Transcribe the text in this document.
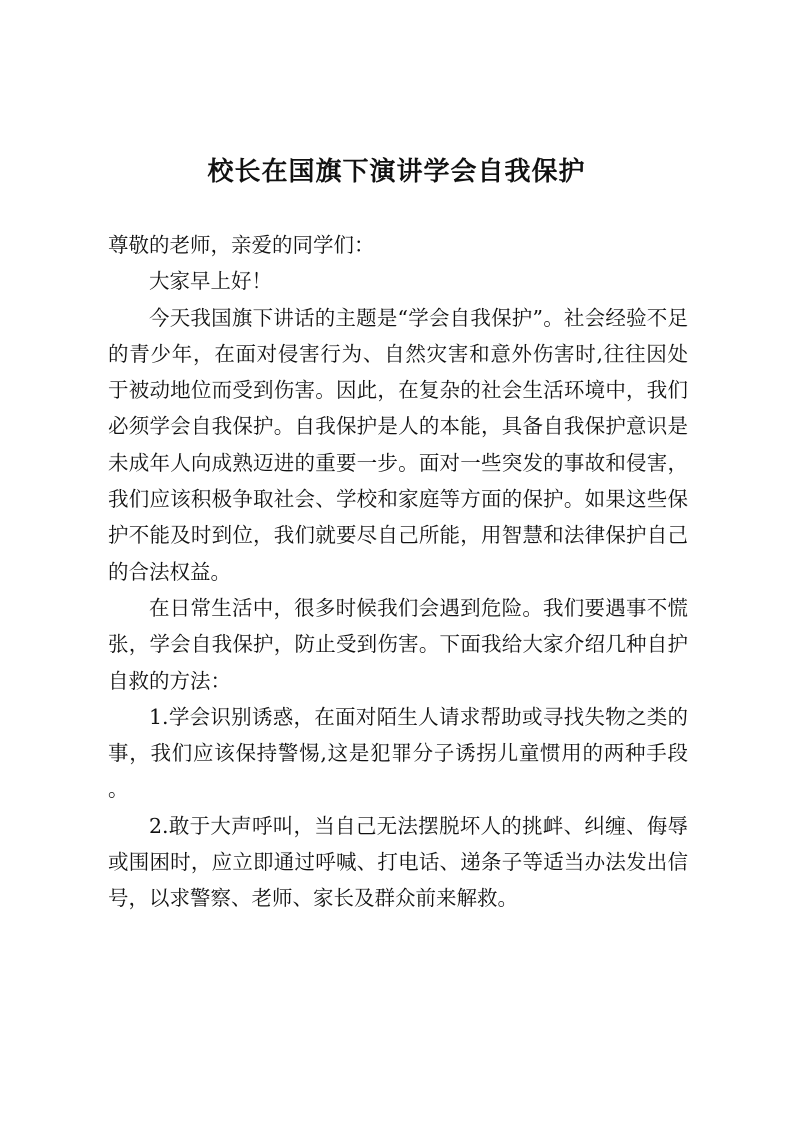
校长在国旗下演讲学会自我保护

尊敬的老师，亲爱的同学们：

大家早上好！

今天我国旗下讲话的主题是“学会自我保护”。社会经验不足的青少年，在面对侵害行为、自然灾害和意外伤害时,往往因处于被动地位而受到伤害。因此，在复杂的社会生活环境中，我们必须学会自我保护。自我保护是人的本能，具备自我保护意识是未成年人向成熟迈进的重要一步。面对一些突发的事故和侵害，我们应该积极争取社会、学校和家庭等方面的保护。如果这些保护不能及时到位，我们就要尽自己所能，用智慧和法律保护自己的合法权益。

在日常生活中，很多时候我们会遇到危险。我们要遇事不慌张，学会自我保护，防止受到伤害。下面我给大家介绍几种自护自救的方法：

1.学会识别诱惑，在面对陌生人请求帮助或寻找失物之类的事，我们应该保持警惕,这是犯罪分子诱拐儿童惯用的两种手段。

2.敢于大声呼叫，当自己无法摆脱坏人的挑衅、纠缠、侮辱或围困时，应立即通过呼喊、打电话、递条子等适当办法发出信号，以求警察、老师、家长及群众前来解救。
